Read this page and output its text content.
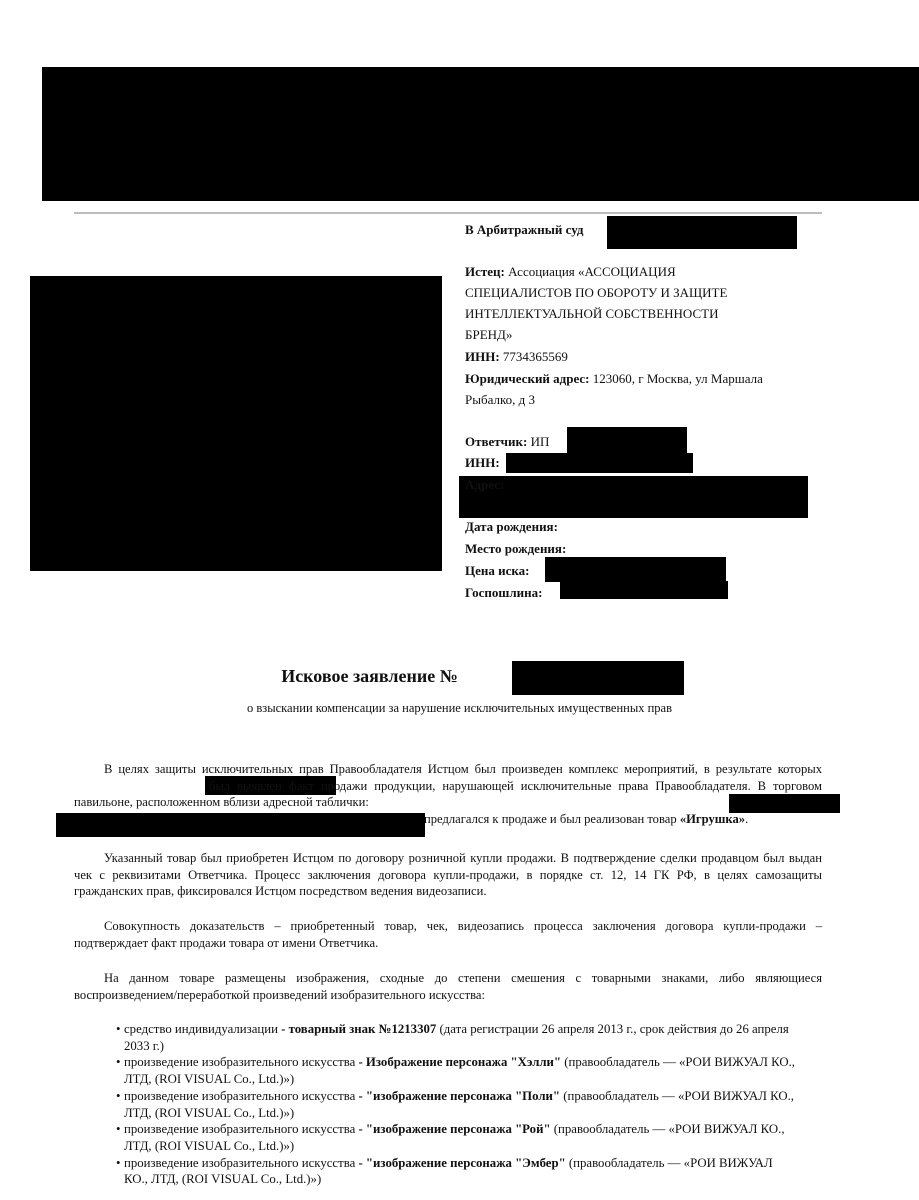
В Арбитражный суд
Истец: Ассоциация «АССОЦИАЦИЯ
СПЕЦИАЛИСТОВ ПО ОБОРОТУ И ЗАЩИТЕ
ИНТЕЛЛЕКТУАЛЬНОЙ СОБСТВЕННОСТИ
БРЕНД»
ИНН: 7734365569
Юридический адрес: 123060, г Москва, ул Маршала
Рыбалко, д 3
Ответчик: ИП
ИНН:
Адрес:
Дата рождения:
Место рождения:
Цена иска:
Госпошлина:
Исковое заявление №
о взыскании компенсации за нарушение исключительных имущественных прав
В целях защиты исключительных прав Правообладателя Истцом был произведен комплекс мероприятий, в результате которыхбыл выявлен факт продажи продукции, нарушающей исключительные права Правообладателя. В торговом павильоне, расположенном вблизи адресной таблички:
предлагался к продаже и был реализован товар «Игрушка».

Указанный товар был приобретен Истцом по договору розничной купли продажи. В подтверждение сделки продавцом был выдан чек с реквизитами Ответчика. Процесс заключения договора купли-продажи, в порядке ст. 12, 14 ГК РФ, в целях самозащиты гражданских прав, фиксировался Истцом посредством ведения видеозаписи.

Совокупность доказательств – приобретенный товар, чек, видеозапись процесса заключения договора купли-продажи – подтверждает факт продажи товара от имени Ответчика.

На данном товаре размещены изображения, сходные до степени смешения с товарными знаками, либо являющиеся воспроизведением/переработкой произведений изобразительного искусства:

• средство индивидуализации - товарный знак №1213307 (дата регистрации 26 апреля 2013 г., срок действия до 26 апреля 2033 г.)
• произведение изобразительного искусства - Изображение персонажа "Хэлли" (правообладатель — «РОИ ВИЖУАЛ КО., ЛТД, (ROI VISUAL Co., Ltd.)»)
• произведение изобразительного искусства - "изображение персонажа "Поли" (правообладатель — «РОИ ВИЖУАЛ КО., ЛТД, (ROI VISUAL Co., Ltd.)»)
• произведение изобразительного искусства - "изображение персонажа "Рой" (правообладатель — «РОИ ВИЖУАЛ КО., ЛТД, (ROI VISUAL Co., Ltd.)»)
• произведение изобразительного искусства - "изображение персонажа "Эмбер" (правообладатель — «РОИ ВИЖУАЛ КО., ЛТД, (ROI VISUAL Co., Ltd.)»)
